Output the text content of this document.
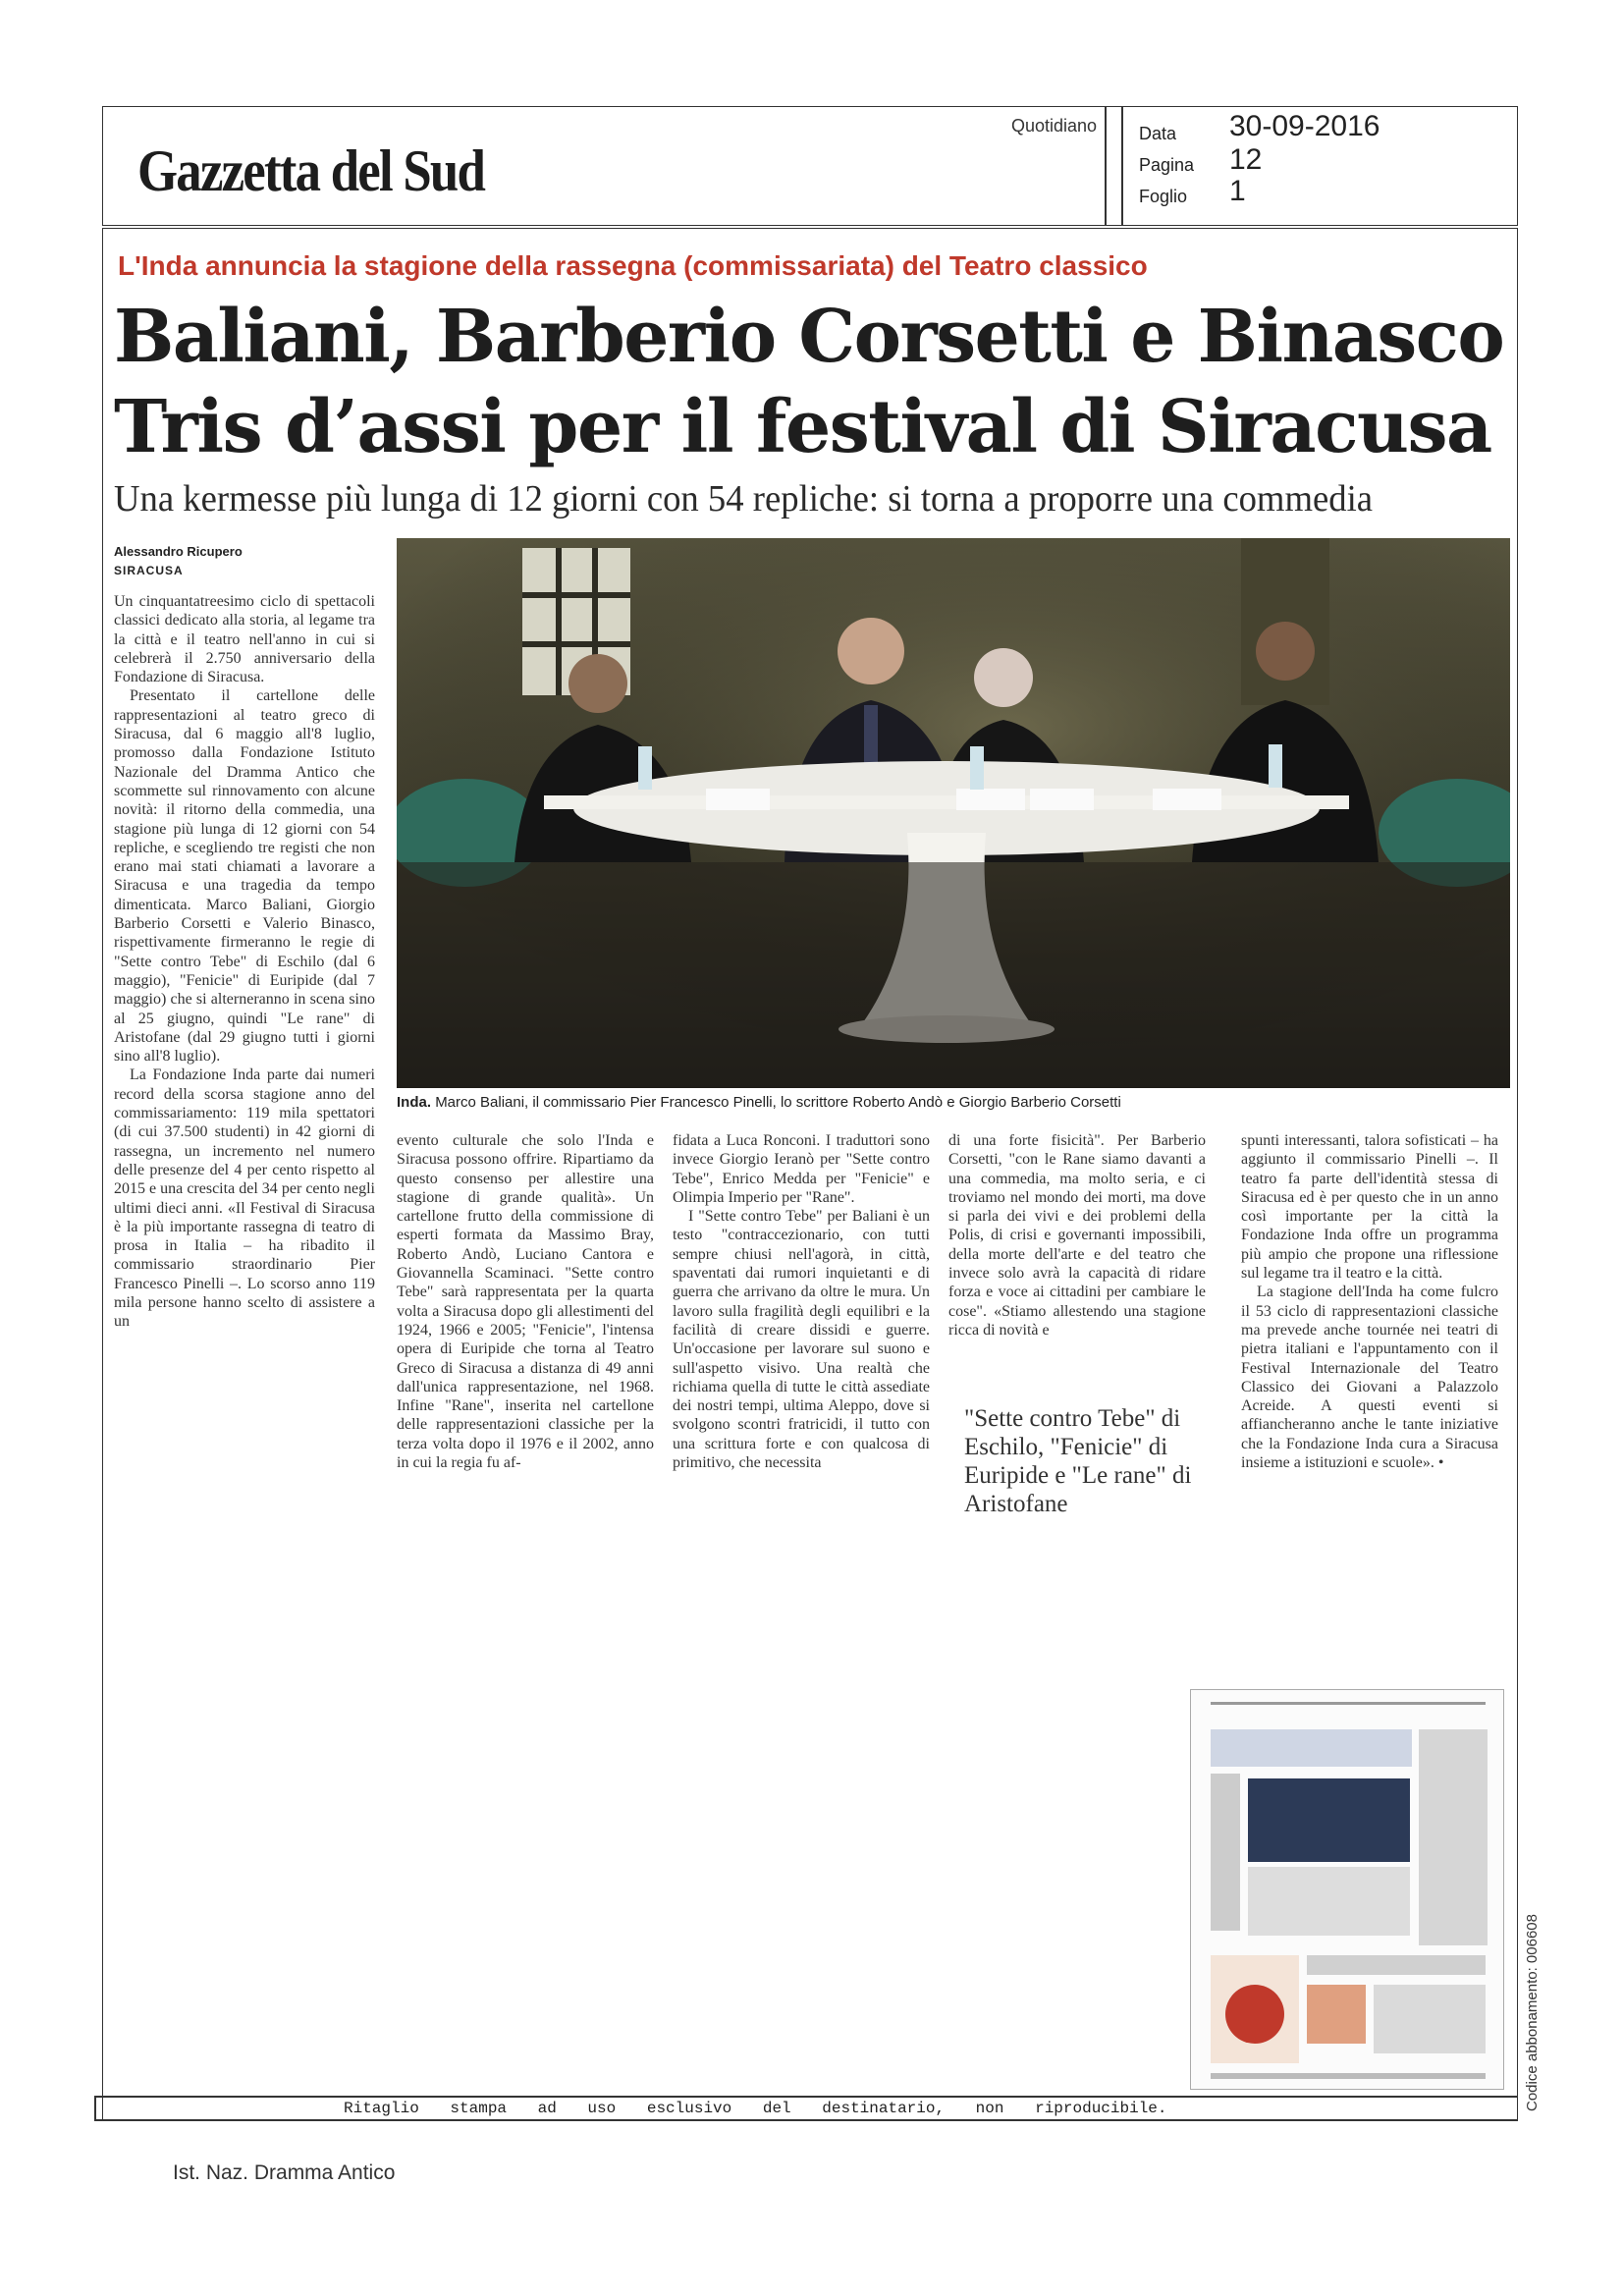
Gazzetta del Sud
Quotidiano Data 30-09-2016
Pagina 12
Foglio 1
L'Inda annuncia la stagione della rassegna (commissariata) del Teatro classico
Baliani, Barberio Corsetti e Binasco
Tris d’assi per il festival di Siracusa
Una kermesse più lunga di 12 giorni con 54 repliche: si torna a proporre una commedia
Alessandro Ricupero
SIRACUSA

Un cinquantatreesimo ciclo di spettacoli classici dedicato alla storia, al legame tra la città e il teatro nell'anno in cui si celebrerà il 2.750 anniversario della Fondazione di Siracusa.

Presentato il cartellone delle rappresentazioni al teatro greco di Siracusa, dal 6 maggio all'8 luglio, promosso dalla Fondazione Istituto Nazionale del Dramma Antico che scommette sul rinnovamento con alcune novità: il ritorno della commedia, una stagione più lunga di 12 giorni con 54 repliche, e scegliendo tre registi che non erano mai stati chiamati a lavorare a Siracusa e una tragedia da tempo dimenticata. Marco Baliani, Giorgio Barberio Corsetti e Valerio Binasco, rispettivamente firmeranno le regie di "Sette contro Tebe" di Eschilo (dal 6 maggio), "Fenicie" di Euripide (dal 7 maggio) che si alterneranno in scena sino al 25 giugno, quindi "Le rane" di Aristofane (dal 29 giugno tutti i giorni sino all'8 luglio).

La Fondazione Inda parte dai numeri record della scorsa stagione anno del commissariamento: 119 mila spettatori (di cui 37.500 studenti) in 42 giorni di rassegna, un incremento nel numero delle presenze del 4 per cento rispetto al 2015 e una crescita del 34 per cento negli ultimi dieci anni. «Il Festival di Siracusa è la più importante rassegna di teatro di prosa in Italia – ha ribadito il commissario straordinario Pier Francesco Pinelli –. Lo scorso anno 119 mila persone hanno scelto di assistere a un

evento culturale che solo l'Inda e Siracusa possono offrire. Ripartiamo da questo consenso per allestire una stagione di grande qualità». Un cartellone frutto della commissione di esperti formata da Massimo Bray, Roberto Andò, Luciano Cantora e Giovannella Scaminaci. "Sette contro Tebe" sarà rappresentata per la quarta volta a Siracusa dopo gli allestimenti del 1924, 1966 e 2005; "Fenicie", l'intensa opera di Euripide che torna al Teatro Greco di Siracusa a distanza di 49 anni dall'unica rappresentazione, nel 1968. Infine "Rane", inserita nel cartellone delle rappresentazioni classiche per la terza volta dopo il 1976 e il 2002, anno in cui la regia fu af-

fidata a Luca Ronconi. I traduttori sono invece Giorgio Ieranò per "Sette contro Tebe", Enrico Medda per "Fenicie" e Olimpia Imperio per "Rane".

I "Sette contro Tebe" per Baliani è un testo "contraccezionario, con tutti sempre chiusi nell'agorà, in città, spaventati dai rumori inquietanti e di guerra che arrivano da oltre le mura. Un lavoro sulla fragilità degli equilibri e la facilità di creare dissidi e guerre. Un'occasione per lavorare sul suono e sull'aspetto visivo. Una realtà che richiama quella di tutte le città assediate dei nostri tempi, ultima Aleppo, dove si svolgono scontri fratricidi, il tutto con una scrittura forte e con qualcosa di primitivo, che necessita

di una forte fisicità". Per Barberio Corsetti, "con le Rane siamo davanti a una commedia, ma molto seria, e ci troviamo nel mondo dei morti, ma dove si parla dei vivi e dei problemi della Polis, di crisi e governanti impossibili, della morte dell'arte e del teatro che invece solo avrà la capacità di ridare forza e voce ai cittadini per cambiare le cose". «Stiamo allestendo una stagione ricca di novità e

"Sette contro Tebe" di Eschilo, "Fenicie" di Euripide e "Le rane" di Aristofane

spunti interessanti, talora sofisticati – ha aggiunto il commissario Pinelli –. Il teatro fa parte dell'identità stessa di Siracusa ed è per questo che in un anno così importante per la città la Fondazione Inda offre un programma più ampio che propone una riflessione sul legame tra il teatro e la città.

La stagione dell'Inda ha come fulcro il 53 ciclo di rappresentazioni classiche ma prevede anche tournée nei teatri di pietra italiani e l'appuntamento con il Festival Internazionale del Teatro Classico dei Giovani a Palazzolo Acreide. A questi eventi si affiancheranno anche le tante iniziative che la Fondazione Inda cura a Siracusa insieme a istituzioni e scuole». •

Inda. Marco Baliani, il commissario Pier Francesco Pinelli, lo scrittore Roberto Andò e Giorgio Barberio Corsetti
Codice abbonamento: 006608
Ritaglio stampa ad uso esclusivo del destinatario, non riproducibile.
Ist. Naz. Dramma Antico
